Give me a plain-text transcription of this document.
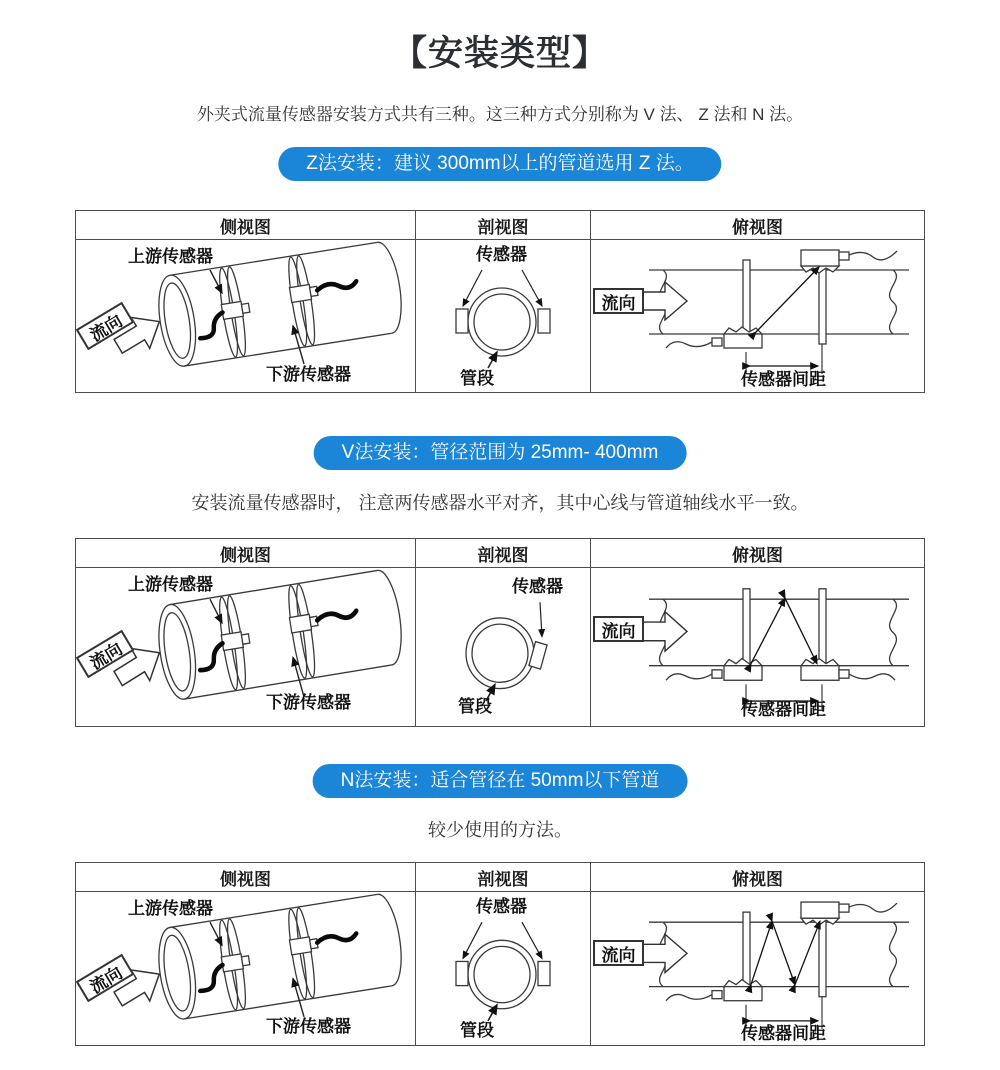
【安装类型】
外夹式流量传感器安装方式共有三种。这三种方式分别称为 V 法、 Z 法和 N 法。
Z法安装：建议 300mm以上的管道选用 Z 法。
侧视图	剖视图	俯视图
上游传感器
下游传感器
流向
传感器
管段
流向
传感器间距
V法安装：管径范围为 25mm- 400mm
安装流量传感器时， 注意两传感器水平对齐，其中心线与管道轴线水平一致。
侧视图	剖视图	俯视图
上游传感器
下游传感器
流向
传感器
管段
流向
传感器间距
N法安装：适合管径在 50mm以下管道
较少使用的方法。
侧视图	剖视图	俯视图
上游传感器
下游传感器
流向
传感器
管段
流向
传感器间距
